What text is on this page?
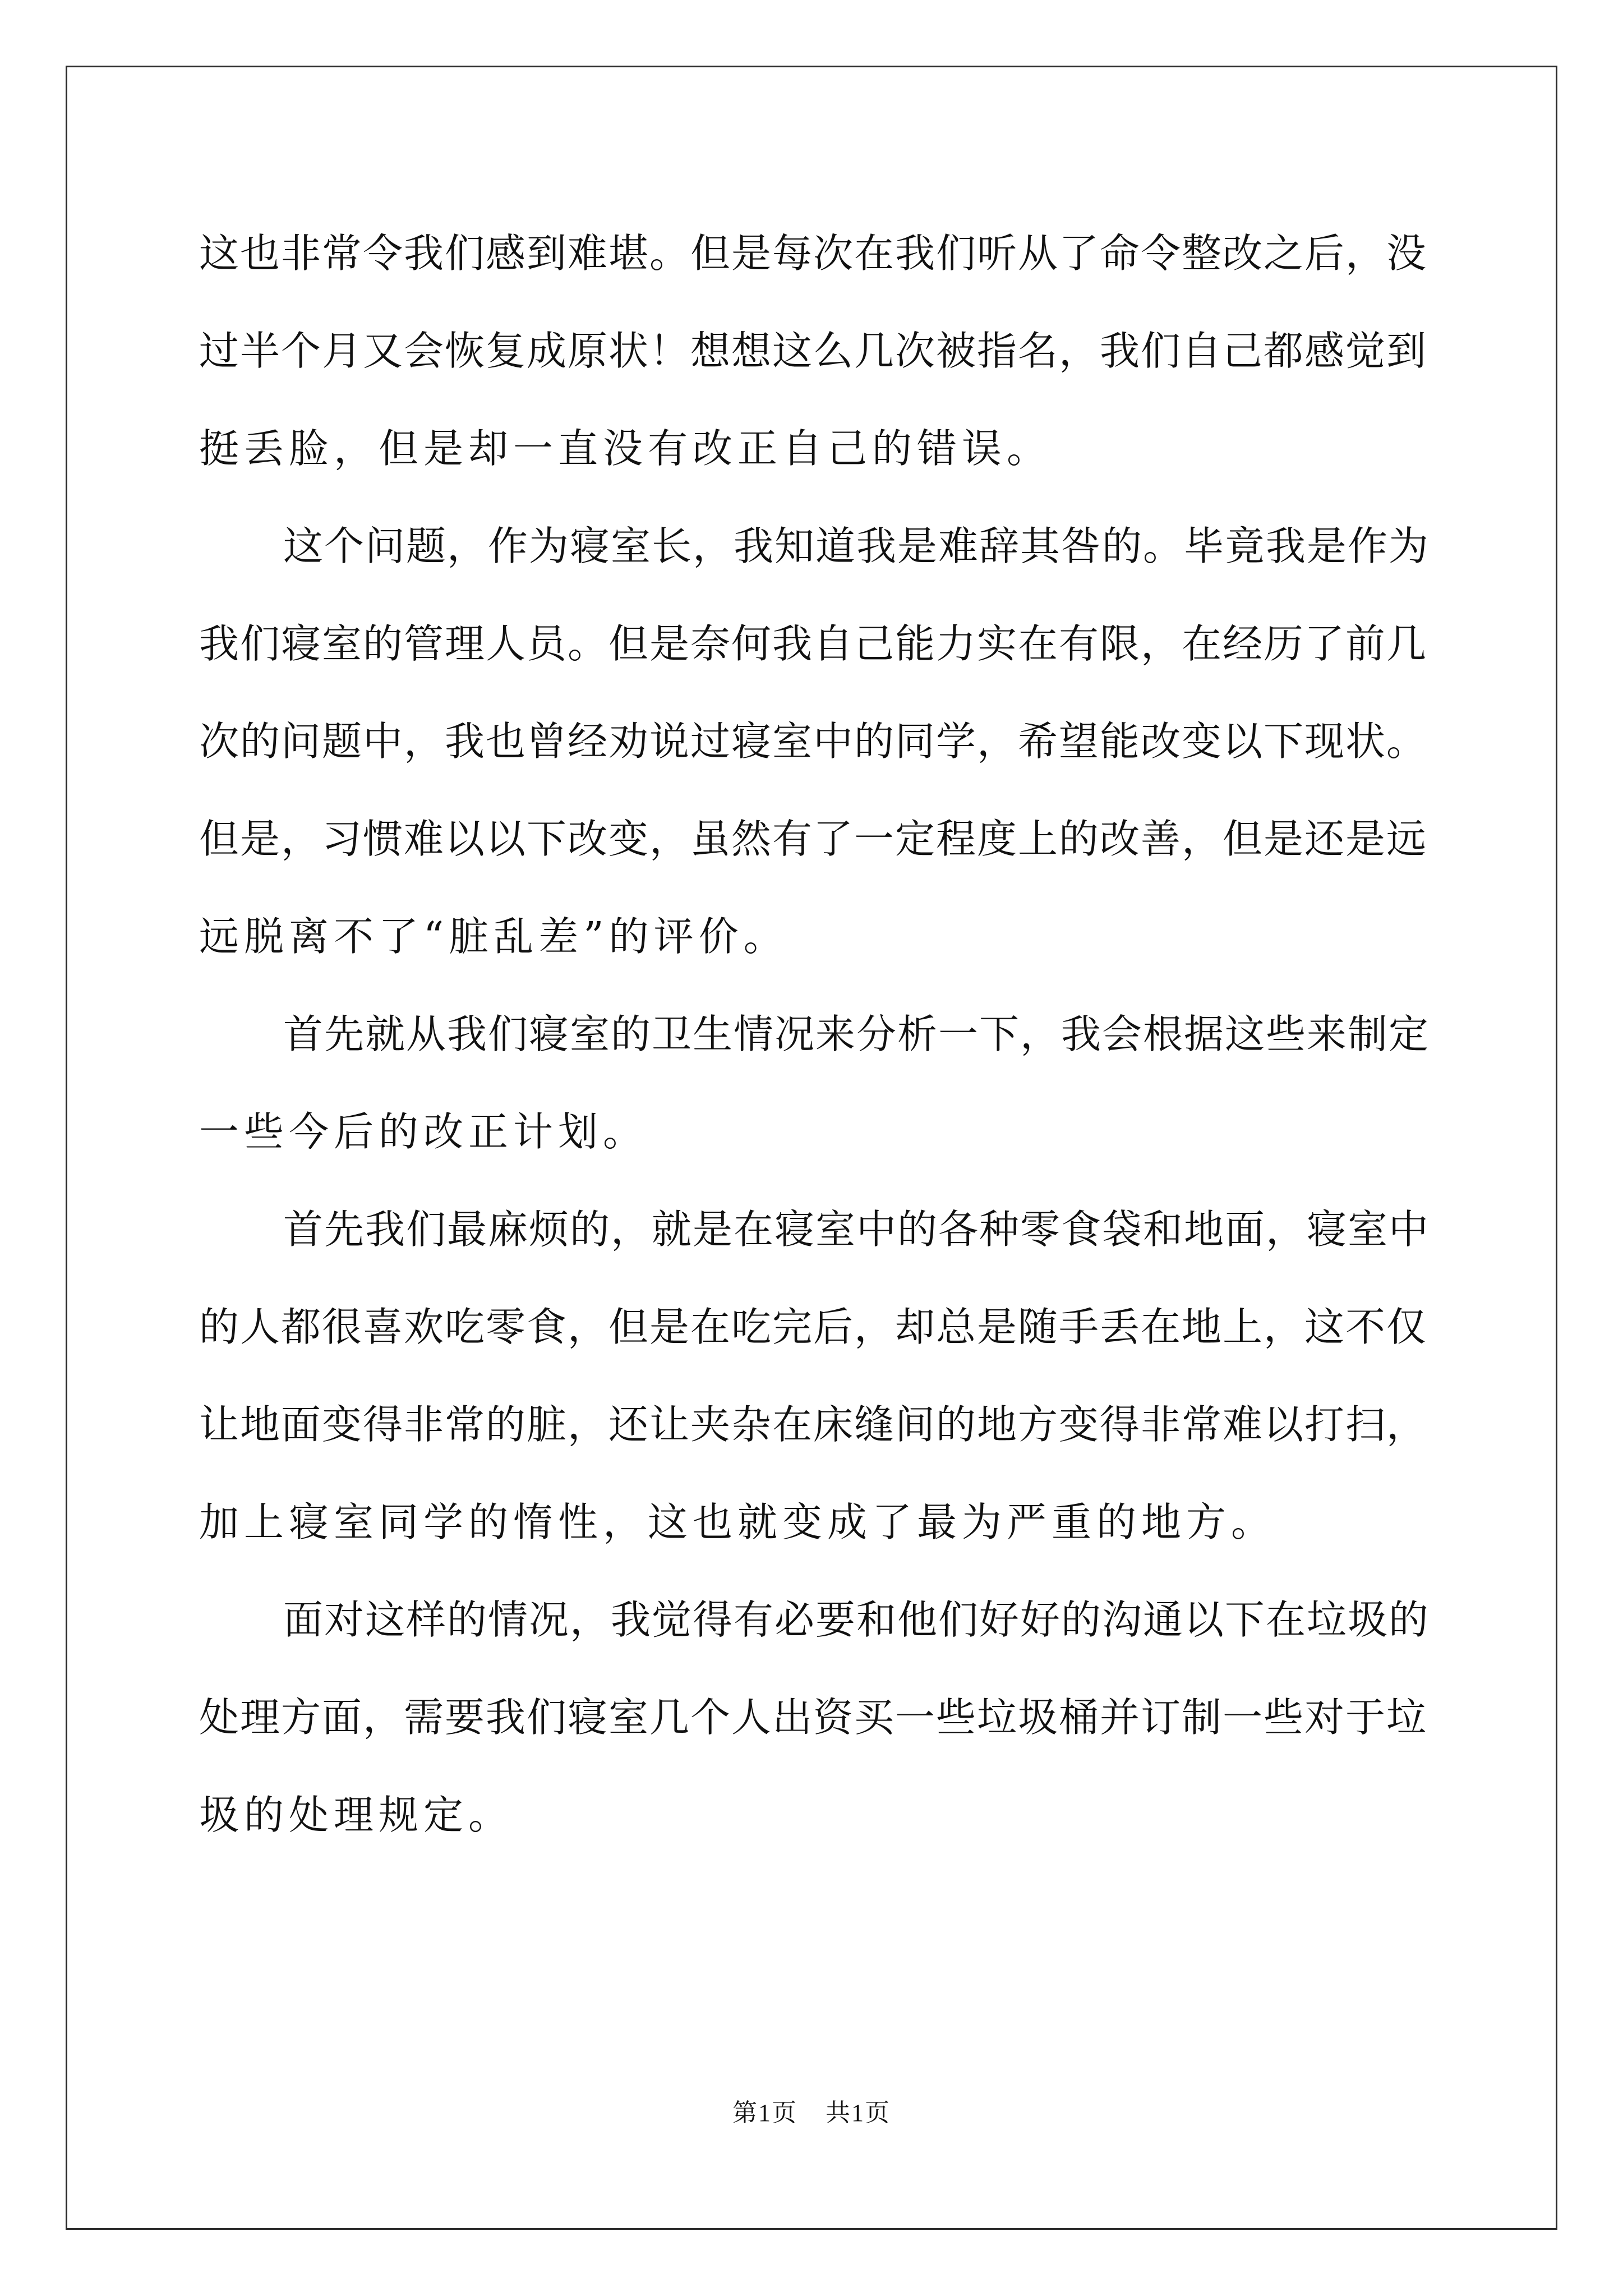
这也非常令我们感到难堪。但是每次在我们听从了命令整改之后，没
过半个月又会恢复成原状！想想这么几次被指名，我们自己都感觉到
挺丢脸，但是却一直没有改正自己的错误。
这个问题，作为寝室长，我知道我是难辞其咎的。毕竟我是作为
我们寝室的管理人员。但是奈何我自己能力实在有限，在经历了前几
次的问题中，我也曾经劝说过寝室中的同学，希望能改变以下现状。
但是，习惯难以以下改变，虽然有了一定程度上的改善，但是还是远
远脱离不了“脏乱差”的评价。
首先就从我们寝室的卫生情况来分析一下，我会根据这些来制定
一些今后的改正计划。
首先我们最麻烦的，就是在寝室中的各种零食袋和地面，寝室中
的人都很喜欢吃零食，但是在吃完后，却总是随手丢在地上，这不仅
让地面变得非常的脏，还让夹杂在床缝间的地方变得非常难以打扫，
加上寝室同学的惰性，这也就变成了最为严重的地方。
面对这样的情况，我觉得有必要和他们好好的沟通以下在垃圾的
处理方面，需要我们寝室几个人出资买一些垃圾桶并订制一些对于垃
圾的处理规定。
第1页 共1页
